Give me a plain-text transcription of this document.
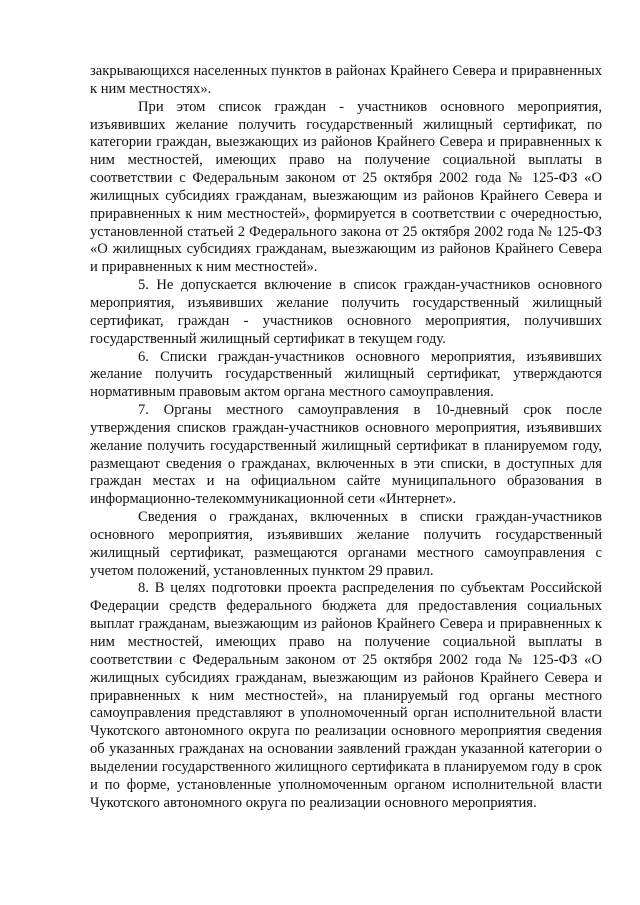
закрывающихся населенных пунктов в районах Крайнего Севера и приравненных к ним местностях».

При этом список граждан - участников основного мероприятия, изъявивших желание получить государственный жилищный сертификат, по категории граждан, выезжающих из районов Крайнего Севера и приравненных к ним местностей, имеющих право на получение социальной выплаты в соответствии с Федеральным законом от 25 октября 2002 года № 125-ФЗ «О жилищных субсидиях гражданам, выезжающим из районов Крайнего Севера и приравненных к ним местностей», формируется в соответствии с очередностью, установленной статьей 2 Федерального закона от 25 октября 2002 года № 125-ФЗ «О жилищных субсидиях гражданам, выезжающим из районов Крайнего Севера и приравненных к ним местностей».

5. Не допускается включение в список граждан-участников основного мероприятия, изъявивших желание получить государственный жилищный сертификат, граждан - участников основного мероприятия, получивших государственный жилищный сертификат в текущем году.

6. Списки граждан-участников основного мероприятия, изъявивших желание получить государственный жилищный сертификат, утверждаются нормативным правовым актом органа местного самоуправления.

7. Органы местного самоуправления в 10-дневный срок после утверждения списков граждан-участников основного мероприятия, изъявивших желание получить государственный жилищный сертификат в планируемом году, размещают сведения о гражданах, включенных в эти списки, в доступных для граждан местах и на официальном сайте муниципального образования в информационно-телекоммуникационной сети «Интернет».

Сведения о гражданах, включенных в списки граждан-участников основного мероприятия, изъявивших желание получить государственный жилищный сертификат, размещаются органами местного самоуправления с учетом положений, установленных пунктом 29 правил.

8. В целях подготовки проекта распределения по субъектам Российской Федерации средств федерального бюджета для предоставления социальных выплат гражданам, выезжающим из районов Крайнего Севера и приравненных к ним местностей, имеющих право на получение социальной выплаты в соответствии с Федеральным законом от 25 октября 2002 года № 125-ФЗ «О жилищных субсидиях гражданам, выезжающим из районов Крайнего Севера и приравненных к ним местностей», на планируемый год органы местного самоуправления представляют в уполномоченный орган исполнительной власти Чукотского автономного округа по реализации основного мероприятия сведения об указанных гражданах на основании заявлений граждан указанной категории о выделении государственного жилищного сертификата в планируемом году в срок и по форме, установленные уполномоченным органом исполнительной власти Чукотского автономного округа по реализации основного мероприятия.
